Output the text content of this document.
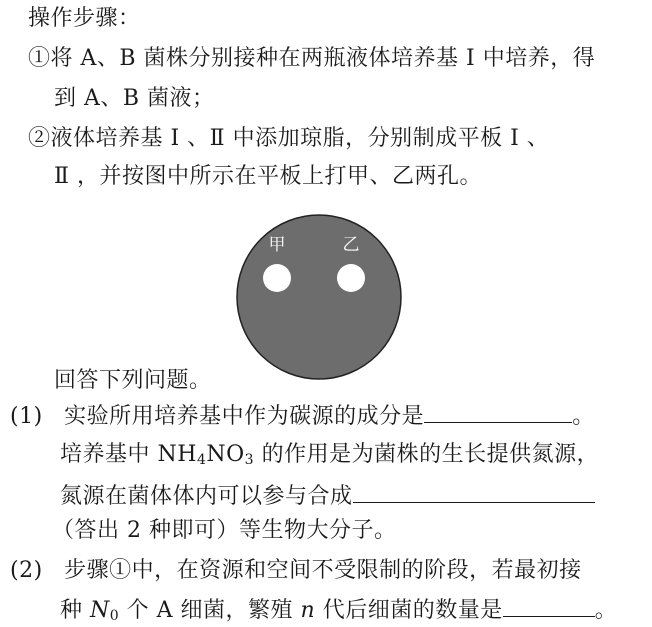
操作步骤：
①将 A、B 菌株分别接种在两瓶液体培养基 Ⅰ 中培养，得
到 A、B 菌液；
②液体培养基 Ⅰ 、Ⅱ 中添加琼脂，分别制成平板 Ⅰ 、
Ⅱ ，并按图中所示在平板上打甲、乙两孔。
甲	乙
回答下列问题。
(1) 实验所用培养基中作为碳源的成分是	。
培养基中 $NH_4NO_3$ 的作用是为菌株的生长提供氮源，
氮源在菌体体内可以参与合成
（答出 2 种即可）等生物大分子。
(2) 步骤①中，在资源和空间不受限制的阶段，若最初接
种 $N_0$ 个 A 细菌，繁殖 n 代后细菌的数量是	。
